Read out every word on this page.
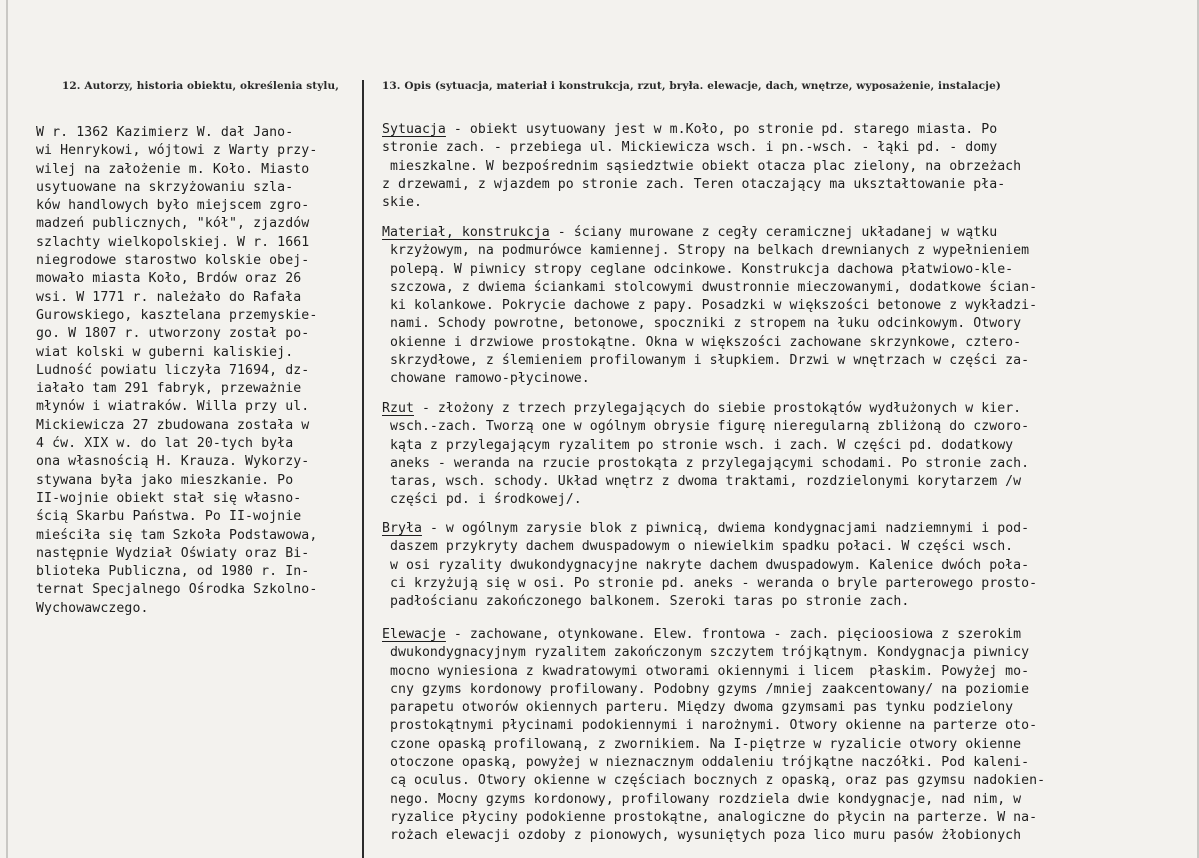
12. Autorzy, historia obiektu, określenia stylu,	13. Opis (sytuacja, materiał i konstrukcja, rzut, bryła. elewacje, dach, wnętrze, wyposażenie, instalacje)
W r. 1362 Kazimierz W. dał Jano-
wi Henrykowi, wójtowi z Warty przy-
wilej na założenie m. Koło. Miasto
usytuowane na skrzyżowaniu szla-
ków handlowych było miejscem zgro-
madzeń publicznych, "kół", zjazdów
szlachty wielkopolskiej. W r. 1661
niegrodowe starostwo kolskie obej-
mowało miasta Koło, Brdów oraz 26
wsi. W 1771 r. należało do Rafała
Gurowskiego, kasztelana przemyskie-
go. W 1807 r. utworzony został po-
wiat kolski w guberni kaliskiej.
Ludność powiatu liczyła 71694, dz-
iałało tam 291 fabryk, przeważnie
młynów i wiatraków. Willa przy ul.
Mickiewicza 27 zbudowana została w
4 ćw. XIX w. do lat 20-tych była
ona własnością H. Krauza. Wykorzy-
stywana była jako mieszkanie. Po
II-wojnie obiekt stał się własno-
ścią Skarbu Państwa. Po II-wojnie
mieściła się tam Szkoła Podstawowa,
następnie Wydział Oświaty oraz Bi-
blioteka Publiczna, od 1980 r. In-
ternat Specjalnego Ośrodka Szkolno-
Wychowawczego.
Sytuacja - obiekt usytuowany jest w m.Koło, po stronie pd. starego miasta. Po
stronie zach. - przebiega ul. Mickiewicza wsch. i pn.-wsch. - łąki pd. - domy
mieszkalne. W bezpośrednim sąsiedztwie obiekt otacza plac zielony, na obrzeżach
z drzewami, z wjazdem po stronie zach. Teren otaczający ma ukształtowanie pła-
skie.
Materiał, konstrukcja - ściany murowane z cegły ceramicznej układanej w wątku
krzyżowym, na podmurówce kamiennej. Stropy na belkach drewnianych z wypełnieniem
polepą. W piwnicy stropy ceglane odcinkowe. Konstrukcja dachowa płatwiowo-kle-
szczowa, z dwiema ściankami stolcowymi dwustronnie mieczowanymi, dodatkowe ścian-
ki kolankowe. Pokrycie dachowe z papy. Posadzki w większości betonowe z wykładzi-
nami. Schody powrotne, betonowe, spoczniki z stropem na łuku odcinkowym. Otwory
okienne i drzwiowe prostokątne. Okna w większości zachowane skrzynkowe, cztero-
skrzydłowe, z ślemieniem profilowanym i słupkiem. Drzwi w wnętrzach w części za-
chowane ramowo-płycinowe.
Rzut - złożony z trzech przylegających do siebie prostokątów wydłużonych w kier.
wsch.-zach. Tworzą one w ogólnym obrysie figurę nieregularną zbliżoną do czworo-
kąta z przylegającym ryzalitem po stronie wsch. i zach. W części pd. dodatkowy
aneks - weranda na rzucie prostokąta z przylegającymi schodami. Po stronie zach.
taras, wsch. schody. Układ wnętrz z dwoma traktami, rozdzielonymi korytarzem /w
części pd. i środkowej/.
Bryła - w ogólnym zarysie blok z piwnicą, dwiema kondygnacjami nadziemnymi i pod-
daszem przykryty dachem dwuspadowym o niewielkim spadku połaci. W części wsch.
w osi ryzality dwukondygnacyjne nakryte dachem dwuspadowym. Kalenice dwóch poła-
ci krzyżują się w osi. Po stronie pd. aneks - weranda o bryle parterowego prosto-
padłościanu zakończonego balkonem. Szeroki taras po stronie zach.
Elewacje - zachowane, otynkowane. Elew. frontowa - zach. pięcioosiowa z szerokim
dwukondygnacyjnym ryzalitem zakończonym szczytem trójkątnym. Kondygnacja piwnicy
mocno wyniesiona z kwadratowymi otworami okiennymi i licem  płaskim. Powyżej mo-
cny gzyms kordonowy profilowany. Podobny gzyms /mniej zaakcentowany/ na poziomie
parapetu otworów okiennych parteru. Między dwoma gzymsami pas tynku podzielony
prostokątnymi płycinami podokiennymi i narożnymi. Otwory okienne na parterze oto-
czone opaską profilowaną, z zwornikiem. Na I-piętrze w ryzalicie otwory okienne
otoczone opaską, powyżej w nieznacznym oddaleniu trójkątne naczółki. Pod kaleni-
cą oculus. Otwory okienne w częściach bocznych z opaską, oraz pas gzymsu nadokien-
nego. Mocny gzyms kordonowy, profilowany rozdziela dwie kondygnacje, nad nim, w
ryzalice płyciny podokienne prostokątne, analogiczne do płycin na parterze. W na-
rożach elewacji ozdoby z pionowych, wysuniętych poza lico muru pasów żłobionych
